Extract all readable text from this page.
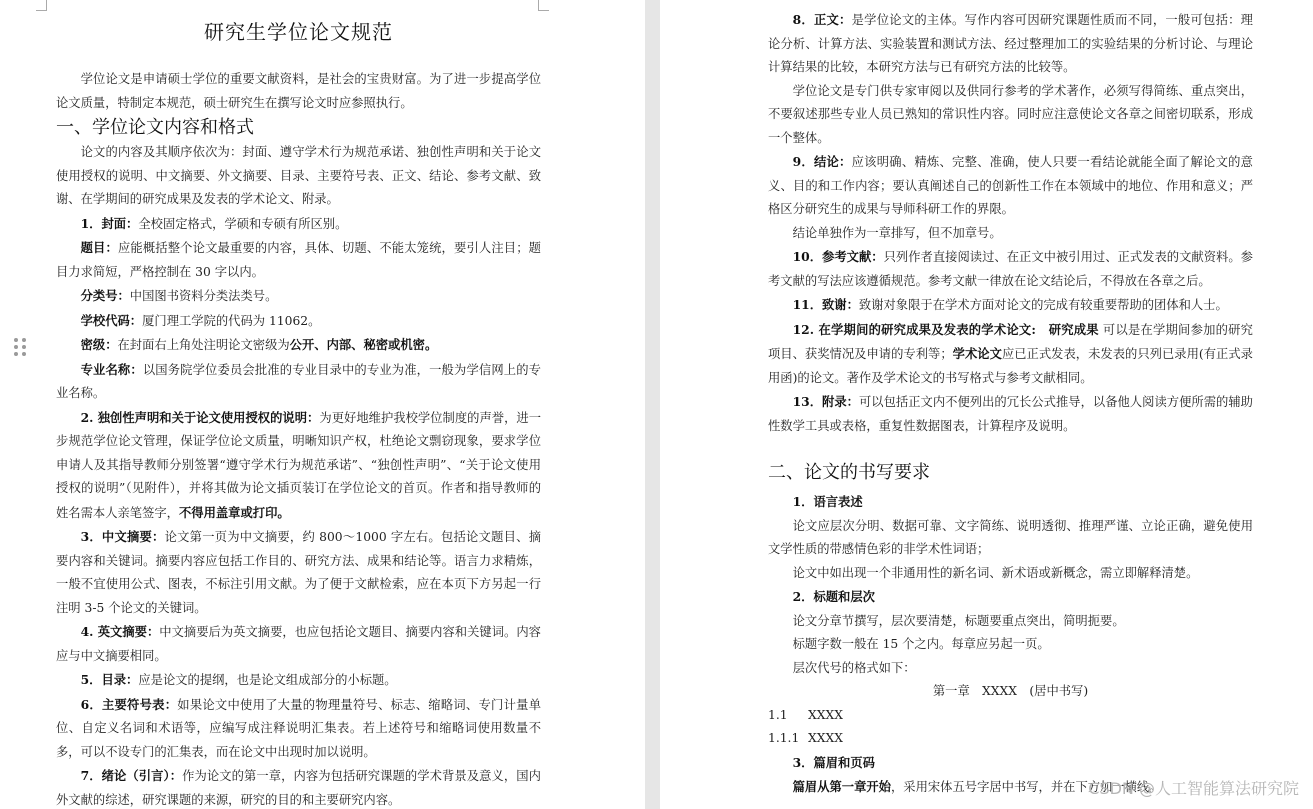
研究生学位论文规范

学位论文是申请硕士学位的重要文献资料，是社会的宝贵财富。为了进一步提高学位论文质量，特制定本规范，硕士研究生在撰写论文时应参照执行。

一、学位论文内容和格式

论文的内容及其顺序依次为：封面、遵守学术行为规范承诺、独创性声明和关于论文使用授权的说明、中文摘要、外文摘要、目录、主要符号表、正文、结论、参考文献、致谢、在学期间的研究成果及发表的学术论文、附录。

1．封面：全校固定格式，学硕和专硕有所区别。

题目：应能概括整个论文最重要的内容，具体、切题、不能太笼统，要引人注目；题目力求简短，严格控制在 30 字以内。

分类号：中国图书资料分类法类号。

学校代码：厦门理工学院的代码为 11062。

密级：在封面右上角处注明论文密级为公开、内部、秘密或机密。

专业名称：以国务院学位委员会批准的专业目录中的专业为准，一般为学信网上的专业名称。

2. 独创性声明和关于论文使用授权的说明：为更好地维护我校学位制度的声誉，进一步规范学位论文管理，保证学位论文质量，明晰知识产权，杜绝论文剽窃现象，要求学位申请人及其指导教师分别签署“遵守学术行为规范承诺”、“独创性声明”、“关于论文使用授权的说明”（见附件），并将其做为论文插页装订在学位论文的首页。作者和指导教师的姓名需本人亲笔签字，不得用盖章或打印。

3．中文摘要：论文第一页为中文摘要，约 800～1000 字左右。包括论文题目、摘要内容和关键词。摘要内容应包括工作目的、研究方法、成果和结论等。语言力求精炼，一般不宜使用公式、图表，不标注引用文献。为了便于文献检索，应在本页下方另起一行注明 3-5 个论文的关键词。

4. 英文摘要：中文摘要后为英文摘要，也应包括论文题目、摘要内容和关键词。内容应与中文摘要相同。

5．目录：应是论文的提纲，也是论文组成部分的小标题。

6．主要符号表：如果论文中使用了大量的物理量符号、标志、缩略词、专门计量单位、自定义名词和术语等，应编写成注释说明汇集表。若上述符号和缩略词使用数量不多，可以不设专门的汇集表，而在论文中出现时加以说明。

7．绪论（引言）：作为论文的第一章，内容为包括研究课题的学术背景及意义，国内外文献的综述，研究课题的来源，研究的目的和主要研究内容。

8．正文：是学位论文的主体。写作内容可因研究课题性质而不同，一般可包括：理论分析、计算方法、实验装置和测试方法、经过整理加工的实验结果的分析讨论、与理论计算结果的比较，本研究方法与已有研究方法的比较等。

学位论文是专门供专家审阅以及供同行参考的学术著作，必须写得简练、重点突出，不要叙述那些专业人员已熟知的常识性内容。同时应注意使论文各章之间密切联系，形成一个整体。

9．结论：应该明确、精炼、完整、准确，使人只要一看结论就能全面了解论文的意义、目的和工作内容；要认真阐述自己的创新性工作在本领域中的地位、作用和意义；严格区分研究生的成果与导师科研工作的界限。

结论单独作为一章排写，但不加章号。

10．参考文献：只列作者直接阅读过、在正文中被引用过、正式发表的文献资料。参考文献的写法应该遵循规范。参考文献一律放在论文结论后，不得放在各章之后。

11．致谢：致谢对象限于在学术方面对论文的完成有较重要帮助的团体和人士。

12. 在学期间的研究成果及发表的学术论文:　 研究成果 可以是在学期间参加的研究项目、获奖情况及申请的专利等；学术论文应已正式发表，未发表的只列已录用(有正式录用函)的论文。著作及学术论文的书写格式与参考文献相同。

13．附录：可以包括正文内不便列出的冗长公式推导，以备他人阅读方便所需的辅助性数学工具或表格，重复性数据图表，计算程序及说明。

二、论文的书写要求

1．语言表述

论文应层次分明、数据可靠、文字简练、说明透彻、推理严谨、立论正确，避免使用文学性质的带感情色彩的非学术性词语；

论文中如出现一个非通用性的新名词、新术语或新概念，需立即解释清楚。

2．标题和层次

论文分章节撰写，层次要清楚，标题要重点突出，简明扼要。

标题字数一般在 15 个之内。每章应另起一页。

层次代号的格式如下：

第一章　XXXX　(居中书写)

1.1 XXXX
1.1.1 XXXX

3．篇眉和页码

篇眉从第一章开始，采用宋体五号字居中书写，并在下方加一横线。

CSDN @人工智能算法研究院
